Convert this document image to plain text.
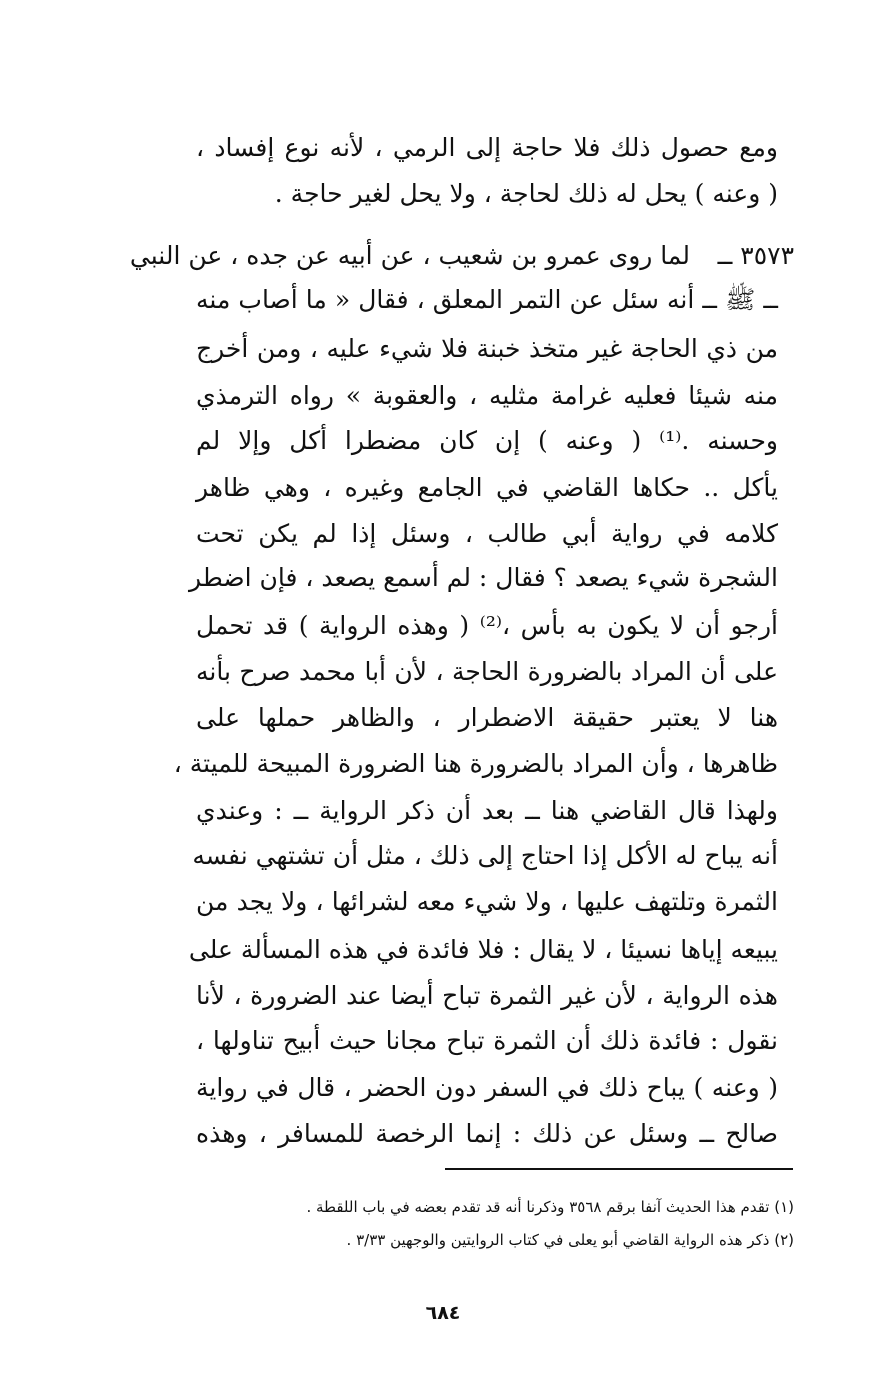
ومع حصول ذلك فلا حاجة إلى الرمي ، لأنه نوع إفساد ،
( وعنه ) يحل له ذلك لحاجة ، ولا يحل لغير حاجة .
٣٥٧٣ ــ
لما روى عمرو بن شعيب ، عن أبيه عن جده ، عن النبي
ــ ﷺ ــ أنه سئل عن التمر المعلق ، فقال « ما أصاب منه
من ذي الحاجة غير متخذ خبنة فلا شيء عليه ، ومن أخرج
منه شيئا فعليه غرامة مثليه ، والعقوبة » رواه الترمذي
وحسنه .⁽¹⁾ ( وعنه ) إن كان مضطرا أكل وإلا لم
يأكل .. حكاها القاضي في الجامع وغيره ، وهي ظاهر
كلامه في رواية أبي طالب ، وسئل إذا لم يكن تحت
الشجرة شيء يصعد ؟ فقال : لم أسمع يصعد ، فإن اضطر
أرجو أن لا يكون به بأس ،⁽²⁾ ( وهذه الرواية ) قد تحمل
على أن المراد بالضرورة الحاجة ، لأن أبا محمد صرح بأنه
هنا لا يعتبر حقيقة الاضطرار ، والظاهر حملها على
ظاهرها ، وأن المراد بالضرورة هنا الضرورة المبيحة للميتة ،
ولهذا قال القاضي هنا ــ بعد أن ذكر الرواية ــ : وعندي
أنه يباح له الأكل إذا احتاج إلى ذلك ، مثل أن تشتهي نفسه
الثمرة وتلتهف عليها ، ولا شيء معه لشرائها ، ولا يجد من
يبيعه إياها نسيئا ، لا يقال : فلا فائدة في هذه المسألة على
هذه الرواية ، لأن غير الثمرة تباح أيضا عند الضرورة ، لأنا
نقول : فائدة ذلك أن الثمرة تباح مجانا حيث أبيح تناولها ،
( وعنه ) يباح ذلك في السفر دون الحضر ، قال في رواية
صالح ــ وسئل عن ذلك : إنما الرخصة للمسافر ، وهذه
(١) تقدم هذا الحديث آنفا برقم ٣٥٦٨ وذكرنا أنه قد تقدم بعضه في باب اللقطة .
(٢) ذكر هذه الرواية القاضي أبو يعلى في كتاب الروايتين والوجهين ٣/٣٣ .
٦٨٤
